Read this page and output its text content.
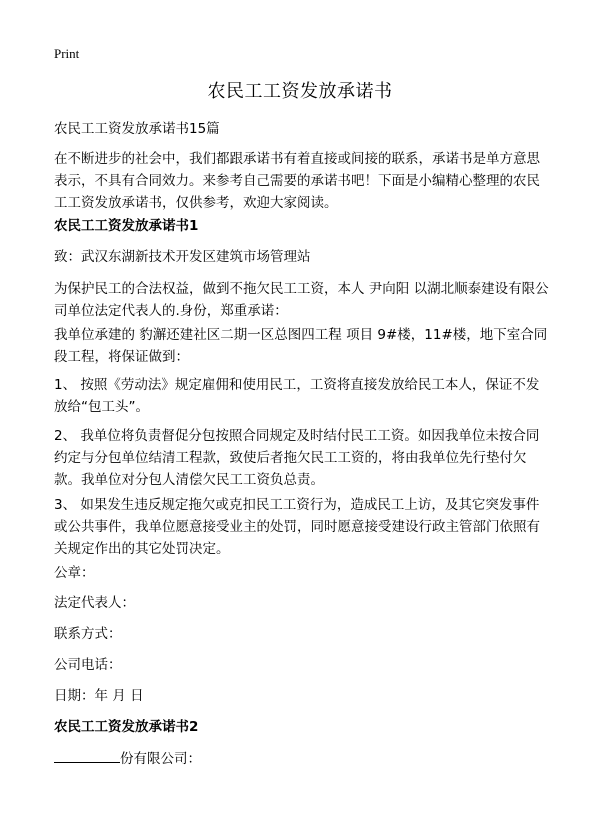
Print
农民工工资发放承诺书

农民工工资发放承诺书15篇

在不断进步的社会中，我们都跟承诺书有着直接或间接的联系，承诺书是单方意思表示，不具有合同效力。来参考自己需要的承诺书吧！下面是小编精心整理的农民工工资发放承诺书，仅供参考，欢迎大家阅读。

农民工工资发放承诺书1

致：武汉东湖新技术开发区建筑市场管理站

为保护民工的合法权益，做到不拖欠民工工资，本人 尹向阳 以湖北顺泰建设有限公司单位法定代表人的.身份，郑重承诺：

我单位承建的 豹澥还建社区二期一区总图四工程 项目 9#楼，11#楼，地下室合同段工程，将保证做到：

1、 按照《劳动法》规定雇佣和使用民工，工资将直接发放给民工本人，保证不发放给“包工头”。

2、 我单位将负责督促分包按照合同规定及时结付民工工资。如因我单位未按合同约定与分包单位结清工程款，致使后者拖欠民工工资的，将由我单位先行垫付欠款。我单位对分包人清偿欠民工工资负总责。

3、 如果发生违反规定拖欠或克扣民工工资行为，造成民工上访，及其它突发事件或公共事件，我单位愿意接受业主的处罚，同时愿意接受建设行政主管部门依照有关规定作出的其它处罚决定。

公章：

法定代表人：

联系方式：

公司电话：

日期：年 月 日

农民工工资发放承诺书2

份有限公司：
